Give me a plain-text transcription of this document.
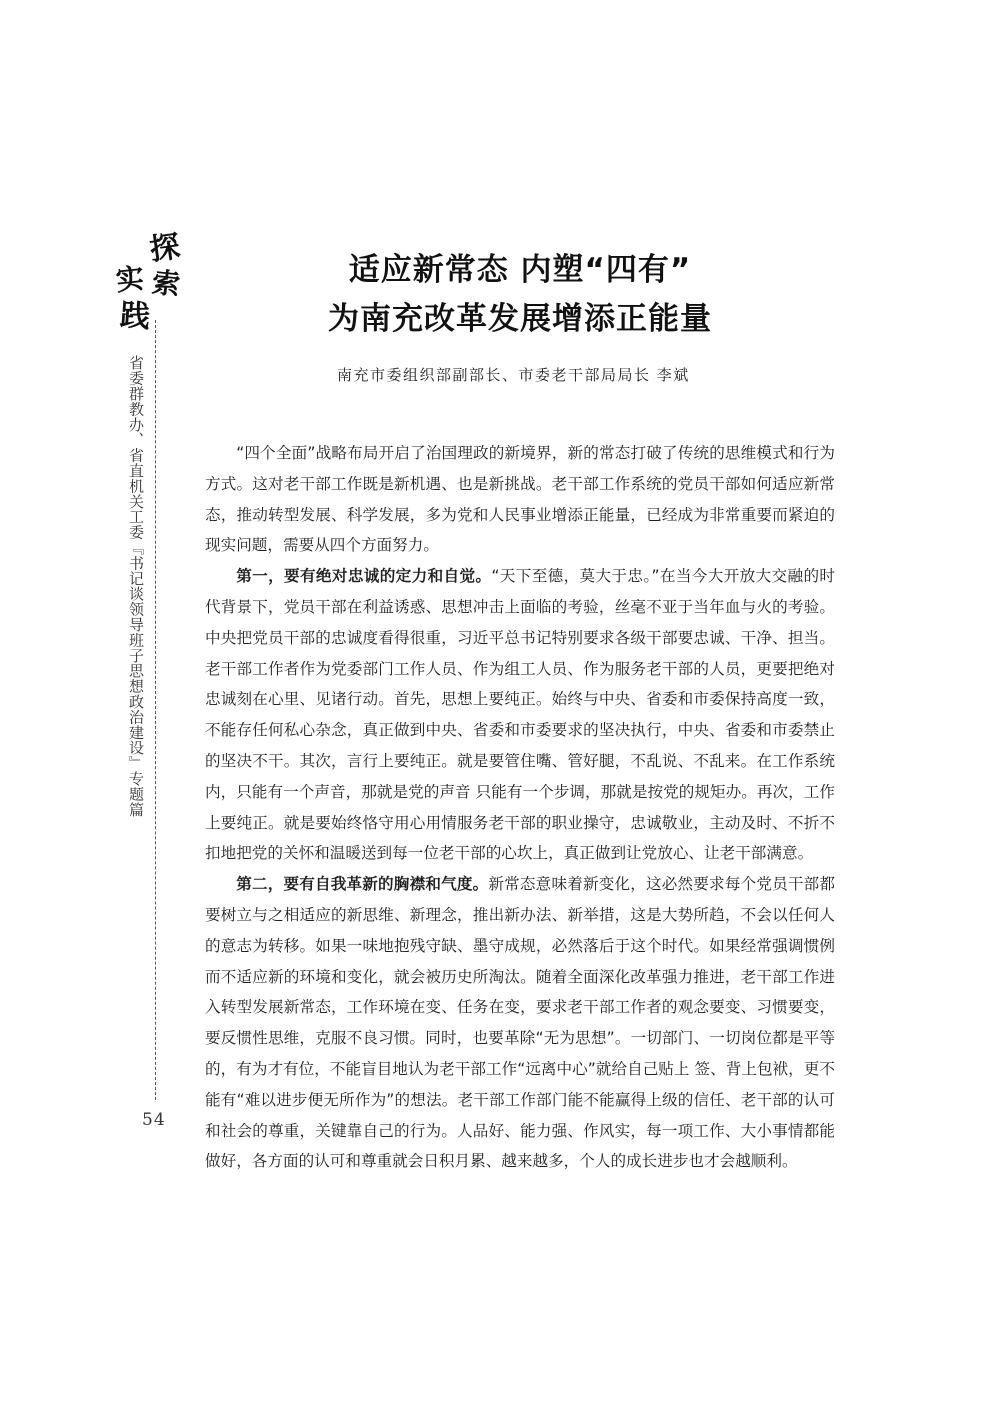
探
索
实
践
省委群教办、省直机关工委『书记谈领导班子思想政治建设』专题篇
54
适应新常态 内塑“四有”
为南充改革发展增添正能量
南充市委组织部副部长、市委老干部局局长 李斌

“四个全面”战略布局开启了治国理政的新境界，新的常态打破了传统的思维模式和行为方式。这对老干部工作既是新机遇、也是新挑战。老干部工作系统的党员干部如何适应新常态，推动转型发展、科学发展，多为党和人民事业增添正能量，已经成为非常重要而紧迫的现实问题，需要从四个方面努力。

第一，要有绝对忠诚的定力和自觉。“天下至德，莫大于忠。”在当今大开放大交融的时代背景下，党员干部在利益诱惑、思想冲击上面临的考验，丝毫不亚于当年血与火的考验。中央把党员干部的忠诚度看得很重，习近平总书记特别要求各级干部要忠诚、干净、担当。老干部工作者作为党委部门工作人员、作为组工人员、作为服务老干部的人员，更要把绝对忠诚刻在心里、见诸行动。首先，思想上要纯正。始终与中央、省委和市委保持高度一致，不能存任何私心杂念，真正做到中央、省委和市委要求的坚决执行，中央、省委和市委禁止的坚决不干。其次，言行上要纯正。就是要管住嘴、管好腿，不乱说、不乱来。在工作系统内，只能有一个声音，那就是党的声音 只能有一个步调，那就是按党的规矩办。再次，工作上要纯正。就是要始终恪守用心用情服务老干部的职业操守，忠诚敬业，主动及时、不折不扣地把党的关怀和温暖送到每一位老干部的心坎上，真正做到让党放心、让老干部满意。

第二，要有自我革新的胸襟和气度。新常态意味着新变化，这必然要求每个党员干部都要树立与之相适应的新思维、新理念，推出新办法、新举措，这是大势所趋，不会以任何人的意志为转移。如果一味地抱残守缺、墨守成规，必然落后于这个时代。如果经常强调惯例而不适应新的环境和变化，就会被历史所淘汰。随着全面深化改革强力推进，老干部工作进入转型发展新常态，工作环境在变、任务在变，要求老干部工作者的观念要变、习惯要变，要反惯性思维，克服不良习惯。同时，也要革除“无为思想”。一切部门、一切岗位都是平等的，有为才有位，不能盲目地认为老干部工作“远离中心”就给自己贴上 签、背上包袱，更不能有“难以进步便无所作为”的想法。老干部工作部门能不能赢得上级的信任、老干部的认可和社会的尊重，关键靠自己的行为。人品好、能力强、作风实，每一项工作、大小事情都能做好，各方面的认可和尊重就会日积月累、越来越多，个人的成长进步也才会越顺利。
